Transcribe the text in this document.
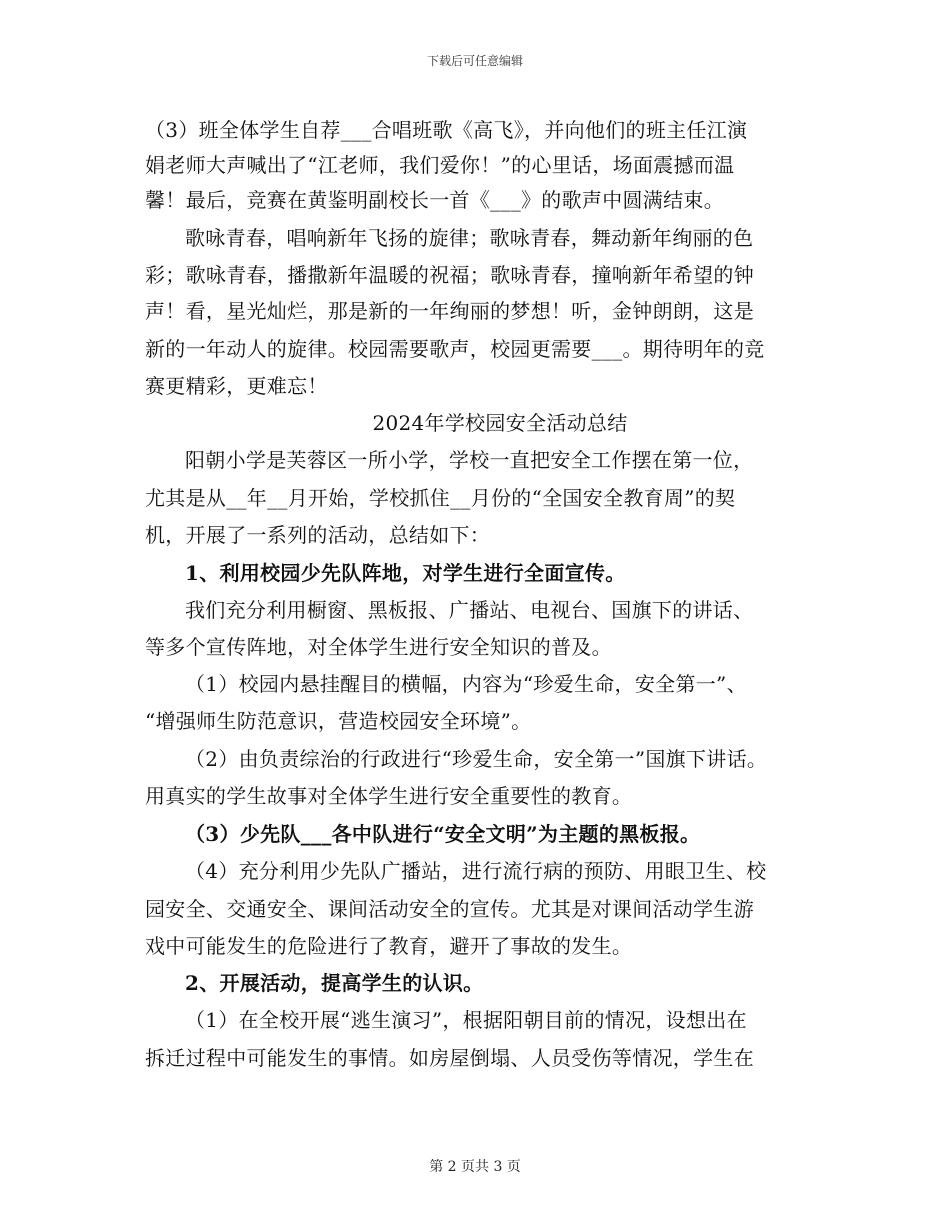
下载后可任意编辑
（3）班全体学生自荐___合唱班歌《高飞》，并向他们的班主任江演
娟老师大声喊出了“江老师，我们爱你！”的心里话，场面震撼而温
馨！最后，竞赛在黄鉴明副校长一首《___》的歌声中圆满结束。
歌咏青春，唱响新年飞扬的旋律；歌咏青春，舞动新年绚丽的色
彩；歌咏青春，播撒新年温暖的祝福；歌咏青春，撞响新年希望的钟
声！看，星光灿烂，那是新的一年绚丽的梦想！听，金钟朗朗，这是
新的一年动人的旋律。校园需要歌声，校园更需要___。期待明年的竞
赛更精彩，更难忘！
2024年学校园安全活动总结
阳朝小学是芙蓉区一所小学，学校一直把安全工作摆在第一位，
尤其是从__年__月开始，学校抓住__月份的“全国安全教育周”的契
机，开展了一系列的活动，总结如下：
1、利用校园少先队阵地，对学生进行全面宣传。
我们充分利用橱窗、黑板报、广播站、电视台、国旗下的讲话、
等多个宣传阵地，对全体学生进行安全知识的普及。
（1）校园内悬挂醒目的横幅，内容为“珍爱生命，安全第一”、
“增强师生防范意识，营造校园安全环境”。
（2）由负责综治的行政进行“珍爱生命，安全第一”国旗下讲话。
用真实的学生故事对全体学生进行安全重要性的教育。
（3）少先队___各中队进行“安全文明”为主题的黑板报。
（4）充分利用少先队广播站，进行流行病的预防、用眼卫生、校
园安全、交通安全、课间活动安全的宣传。尤其是对课间活动学生游
戏中可能发生的危险进行了教育，避开了事故的发生。
2、开展活动，提高学生的认识。
（1）在全校开展“逃生演习”，根据阳朝目前的情况，设想出在
拆迁过程中可能发生的事情。如房屋倒塌、人员受伤等情况，学生在
第 2 页共 3 页
